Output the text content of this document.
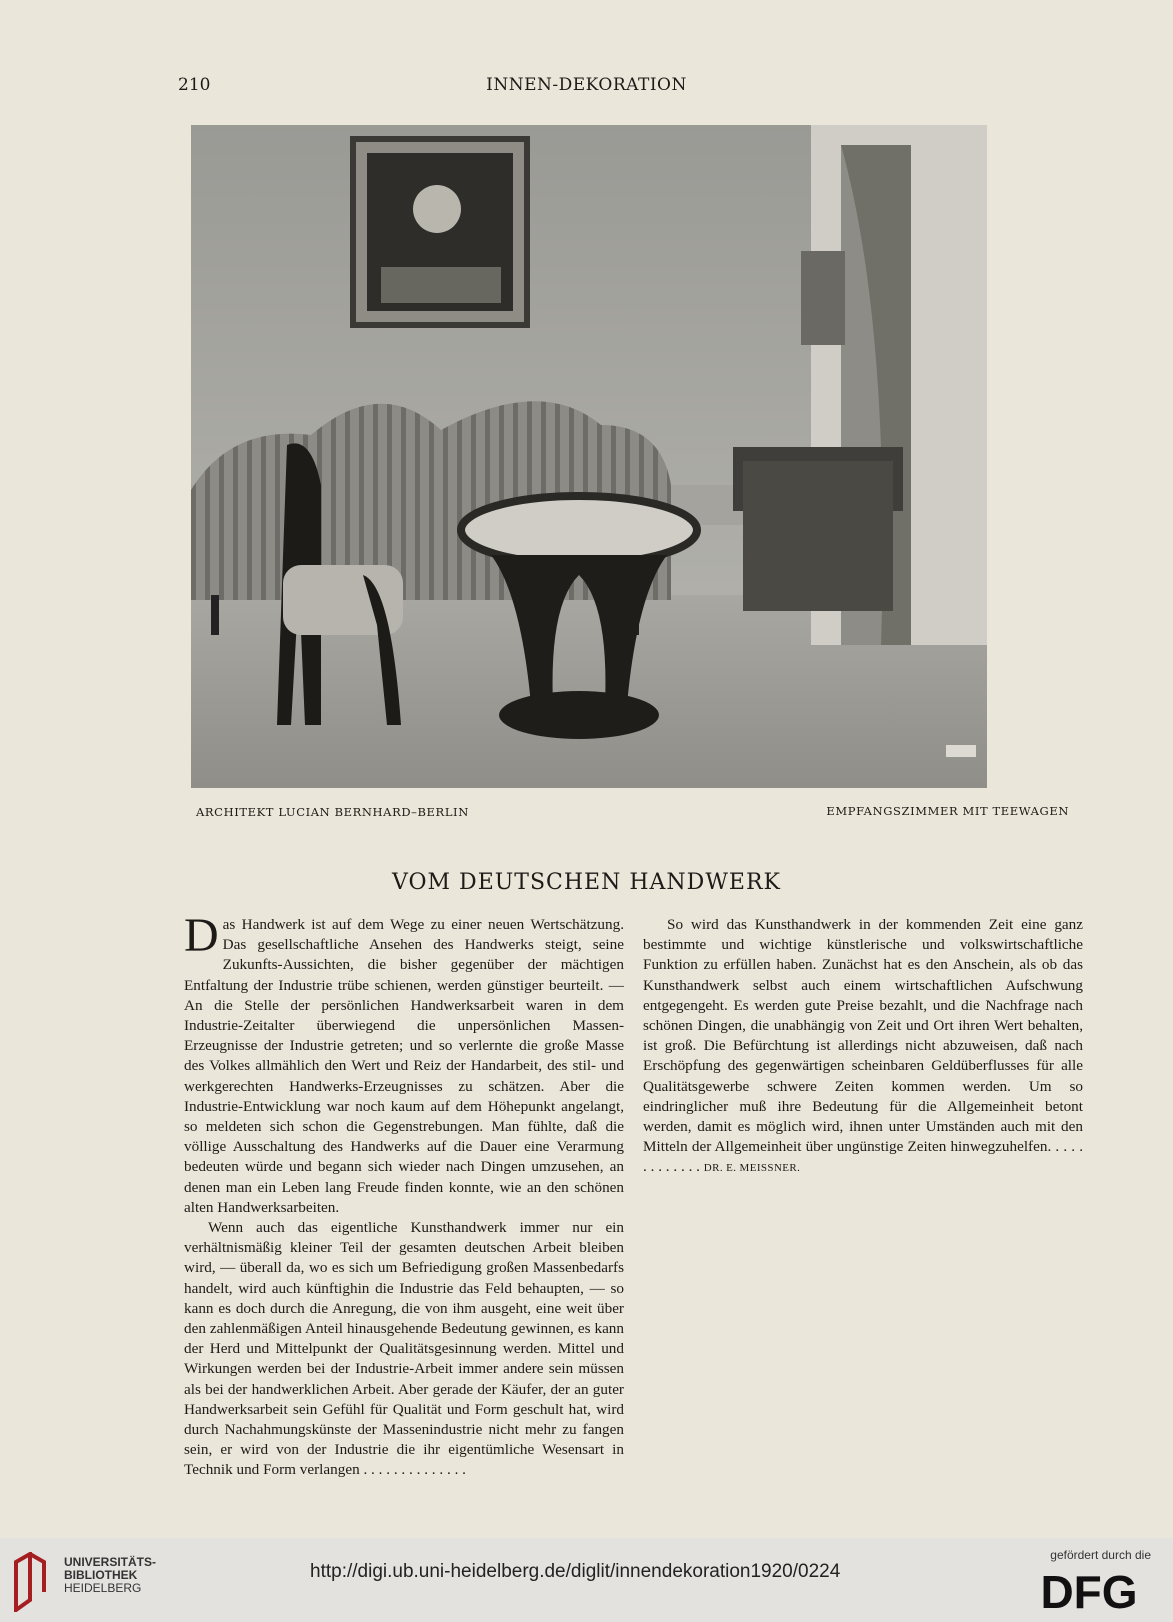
210	INNEN-DEKORATION
ARCHITEKT LUCIAN BERNHARD–BERLIN	EMPFANGSZIMMER MIT TEEWAGEN
VOM DEUTSCHEN HANDWERK

Das Handwerk ist auf dem Wege zu einer neuen Wertschätzung. Das gesellschaftliche Ansehen des Handwerks steigt, seine Zukunfts-Aussichten, die bisher gegenüber der mächtigen Entfaltung der Industrie trübe schienen, werden günstiger beurteilt. — An die Stelle der persönlichen Handwerksarbeit waren in dem Industrie-Zeitalter überwiegend die unpersönlichen Massen-Erzeugnisse der Industrie getreten; und so verlernte die große Masse des Volkes allmählich den Wert und Reiz der Handarbeit, des stil- und werkgerechten Handwerks-Erzeugnisses zu schätzen. Aber die Industrie-Entwicklung war noch kaum auf dem Höhepunkt angelangt, so meldeten sich schon die Gegenstrebungen. Man fühlte, daß die völlige Ausschaltung des Handwerks auf die Dauer eine Verarmung bedeuten würde und begann sich wieder nach Dingen umzusehen, an denen man ein Leben lang Freude finden konnte, wie an den schönen alten Handwerksarbeiten.

Wenn auch das eigentliche Kunsthandwerk immer nur ein verhältnismäßig kleiner Teil der gesamten deutschen Arbeit bleiben wird, — überall da, wo es sich um Befriedigung großen Massenbedarfs handelt, wird auch künftighin die Industrie das Feld behaupten, — so kann es doch durch die Anregung, die von ihm ausgeht, eine weit über den zahlenmäßigen Anteil hinausgehende Bedeutung gewinnen, es kann der Herd und Mittelpunkt der Qualitätsgesinnung werden. Mittel und Wirkungen werden bei der Industrie-Arbeit immer andere sein müssen als bei der handwerklichen Arbeit. Aber gerade der Käufer, der an guter Handwerksarbeit sein Gefühl für Qualität und Form geschult hat, wird durch Nachahmungskünste der Massenindustrie nicht mehr zu fangen sein, er wird von der Industrie die ihr eigentümliche Wesensart in Technik und Form verlangen . . . . . . . . . . . . . .

So wird das Kunsthandwerk in der kommenden Zeit eine ganz bestimmte und wichtige künstlerische und volkswirtschaftliche Funktion zu erfüllen haben. Zunächst hat es den Anschein, als ob das Kunsthandwerk selbst auch einem wirtschaftlichen Aufschwung entgegengeht. Es werden gute Preise bezahlt, und die Nachfrage nach schönen Dingen, die unabhängig von Zeit und Ort ihren Wert behalten, ist groß. Die Befürchtung ist allerdings nicht abzuweisen, daß nach Erschöpfung des gegenwärtigen scheinbaren Geldüberflusses für alle Qualitätsgewerbe schwere Zeiten kommen werden. Um so eindringlicher muß ihre Bedeutung für die Allgemeinheit betont werden, damit es möglich wird, ihnen unter Umständen auch mit den Mitteln der Allgemeinheit über ungünstige Zeiten hinwegzuhelfen. . . . . . . . . . . . . DR. E. MEISSNER.

UNIVERSITÄTS-
BIBLIOTHEK
HEIDELBERG
http://digi.ub.uni-heidelberg.de/diglit/innendekoration1920/0224
gefördert durch die
DFG
